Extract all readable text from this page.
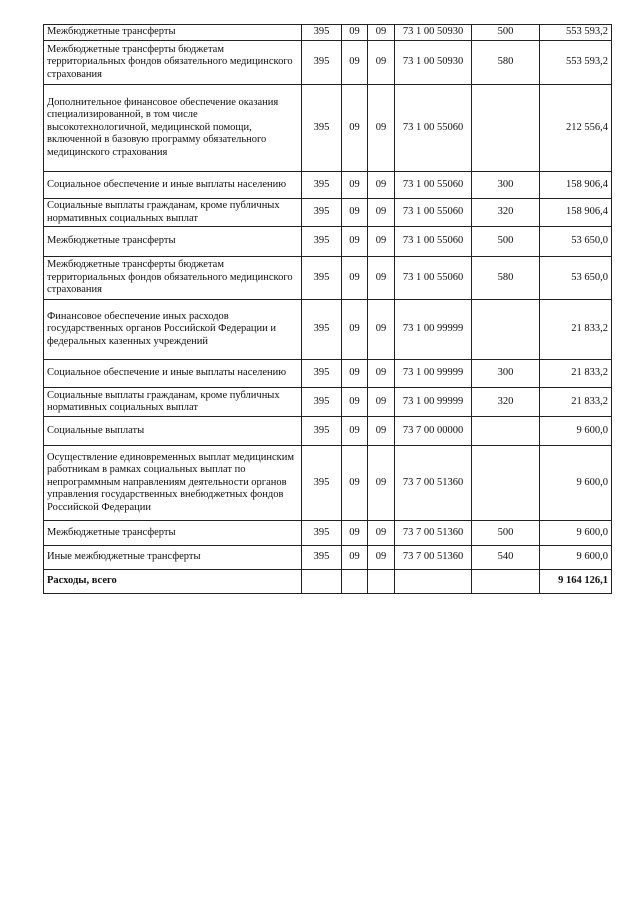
Межбюджетные трансферты	395	09	09	73 1 00 50930	500	553 593,2
Межбюджетные трансферты бюджетам территориальных фондов обязательного медицинского страхования	395	09	09	73 1 00 50930	580	553 593,2
Дополнительное финансовое обеспечение оказания специализированной, в том числе высокотехнологичной, медицинской помощи, включенной в базовую программу обязательного медицинского страхования	395	09	09	73 1 00 55060		212 556,4
Социальное обеспечение и иные выплаты населению	395	09	09	73 1 00 55060	300	158 906,4
Социальные выплаты гражданам, кроме публичных нормативных социальных выплат	395	09	09	73 1 00 55060	320	158 906,4
Межбюджетные трансферты	395	09	09	73 1 00 55060	500	53 650,0
Межбюджетные трансферты бюджетам территориальных фондов обязательного медицинского страхования	395	09	09	73 1 00 55060	580	53 650,0
Финансовое обеспечение иных расходов государственных органов Российской Федерации и федеральных казенных учреждений	395	09	09	73 1 00 99999		21 833,2
Социальное обеспечение и иные выплаты населению	395	09	09	73 1 00 99999	300	21 833,2
Социальные выплаты гражданам, кроме публичных нормативных социальных выплат	395	09	09	73 1 00 99999	320	21 833,2
Социальные выплаты	395	09	09	73 7 00 00000		9 600,0
Осуществление единовременных выплат медицинским работникам в рамках социальных выплат по непрограммным направлениям деятельности органов управления государственных внебюджетных фондов Российской Федерации	395	09	09	73 7 00 51360		9 600,0
Межбюджетные трансферты	395	09	09	73 7 00 51360	500	9 600,0
Иные межбюджетные трансферты	395	09	09	73 7 00 51360	540	9 600,0
Расходы, всего						9 164 126,1
